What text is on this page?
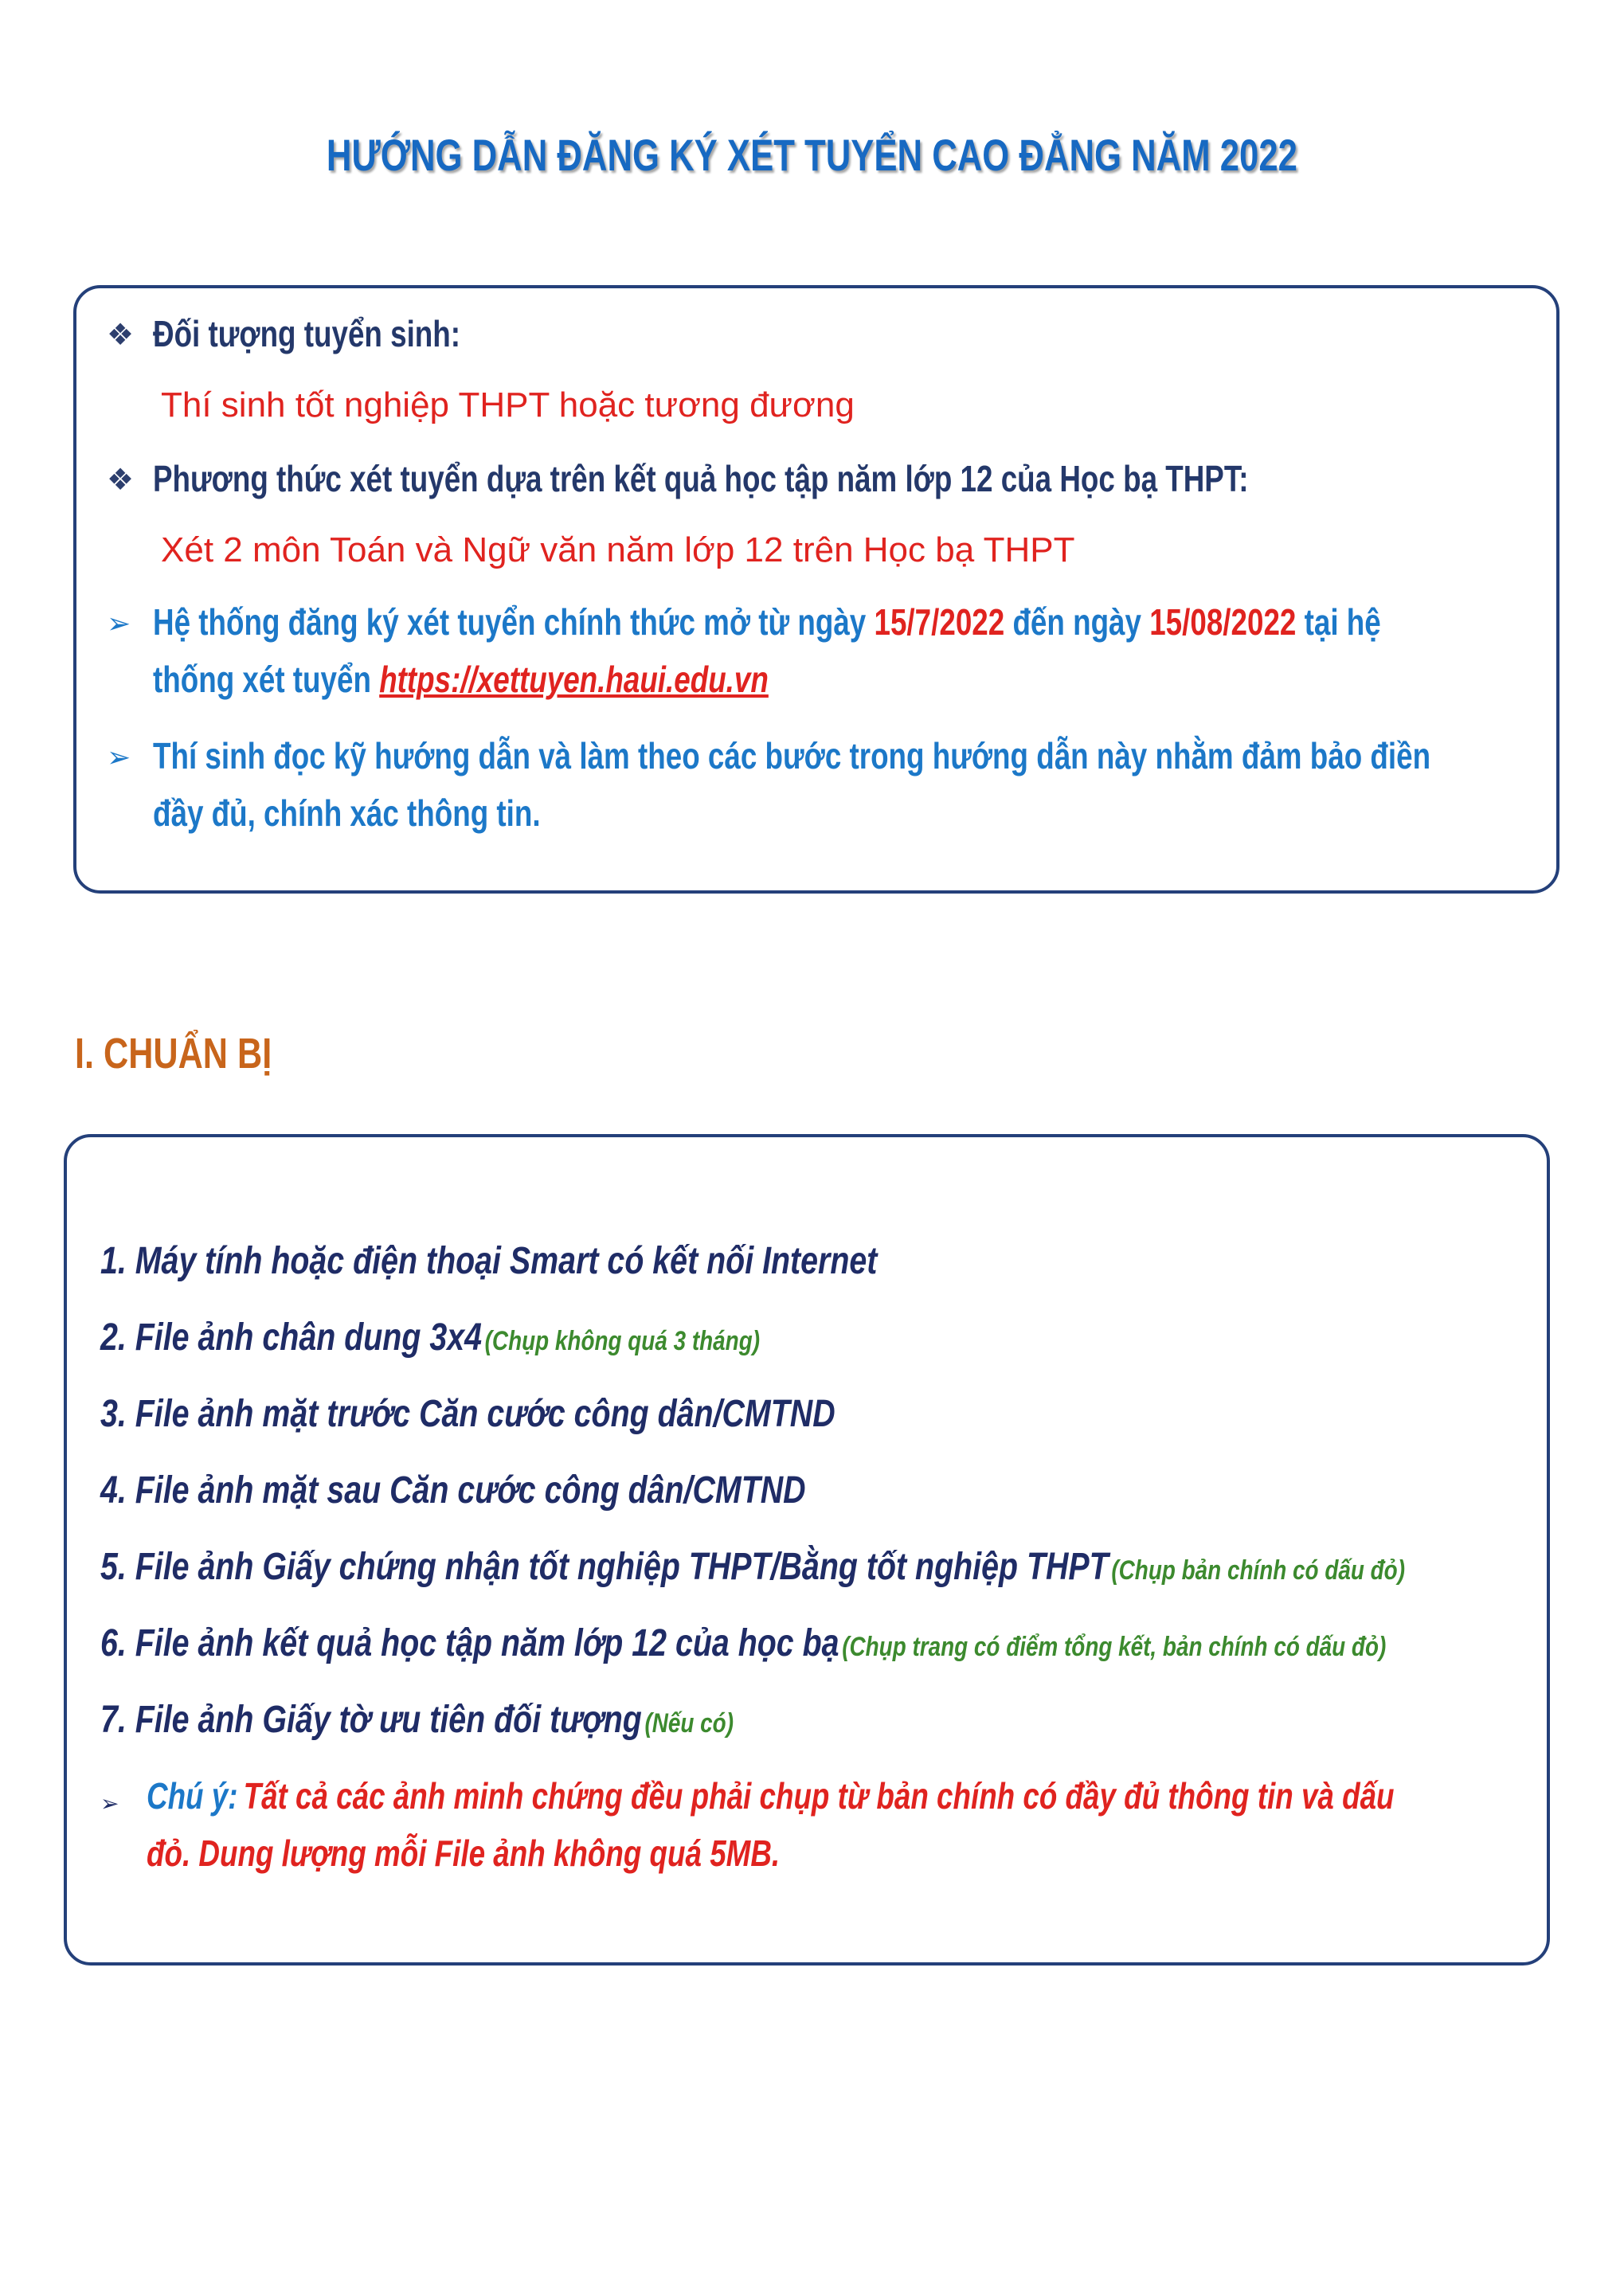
HƯỚNG DẪN ĐĂNG KÝ XÉT TUYỂN CAO ĐẲNG NĂM 2022
❖ Đối tượng tuyển sinh:
Thí sinh tốt nghiệp THPT hoặc tương đương
❖ Phương thức xét tuyển dựa trên kết quả học tập năm lớp 12 của Học bạ THPT:
Xét 2 môn Toán và Ngữ văn năm lớp 12 trên Học bạ THPT
➢ Hệ thống đăng ký xét tuyển chính thức mở từ ngày 15/7/2022 đến ngày 15/08/2022 tại hệ
thống xét tuyển https://xettuyen.haui.edu.vn
➢ Thí sinh đọc kỹ hướng dẫn và làm theo các bước trong hướng dẫn này nhằm đảm bảo điền
đầy đủ, chính xác thông tin.
I. CHUẨN BỊ
1. Máy tính hoặc điện thoại Smart có kết nối Internet
2. File ảnh chân dung 3x4 (Chụp không quá 3 tháng)
3. File ảnh mặt trước Căn cước công dân/CMTND
4. File ảnh mặt sau Căn cước công dân/CMTND
5. File ảnh Giấy chứng nhận tốt nghiệp THPT/Bằng tốt nghiệp THPT (Chụp bản chính có dấu đỏ)
6. File ảnh kết quả học tập năm lớp 12 của học bạ (Chụp trang có điểm tổng kết, bản chính có dấu đỏ)
7. File ảnh Giấy tờ ưu tiên đối tượng (Nếu có)
➢ Chú ý: Tất cả các ảnh minh chứng đều phải chụp từ bản chính có đầy đủ thông tin và dấu
đỏ. Dung lượng mỗi File ảnh không quá 5MB.
